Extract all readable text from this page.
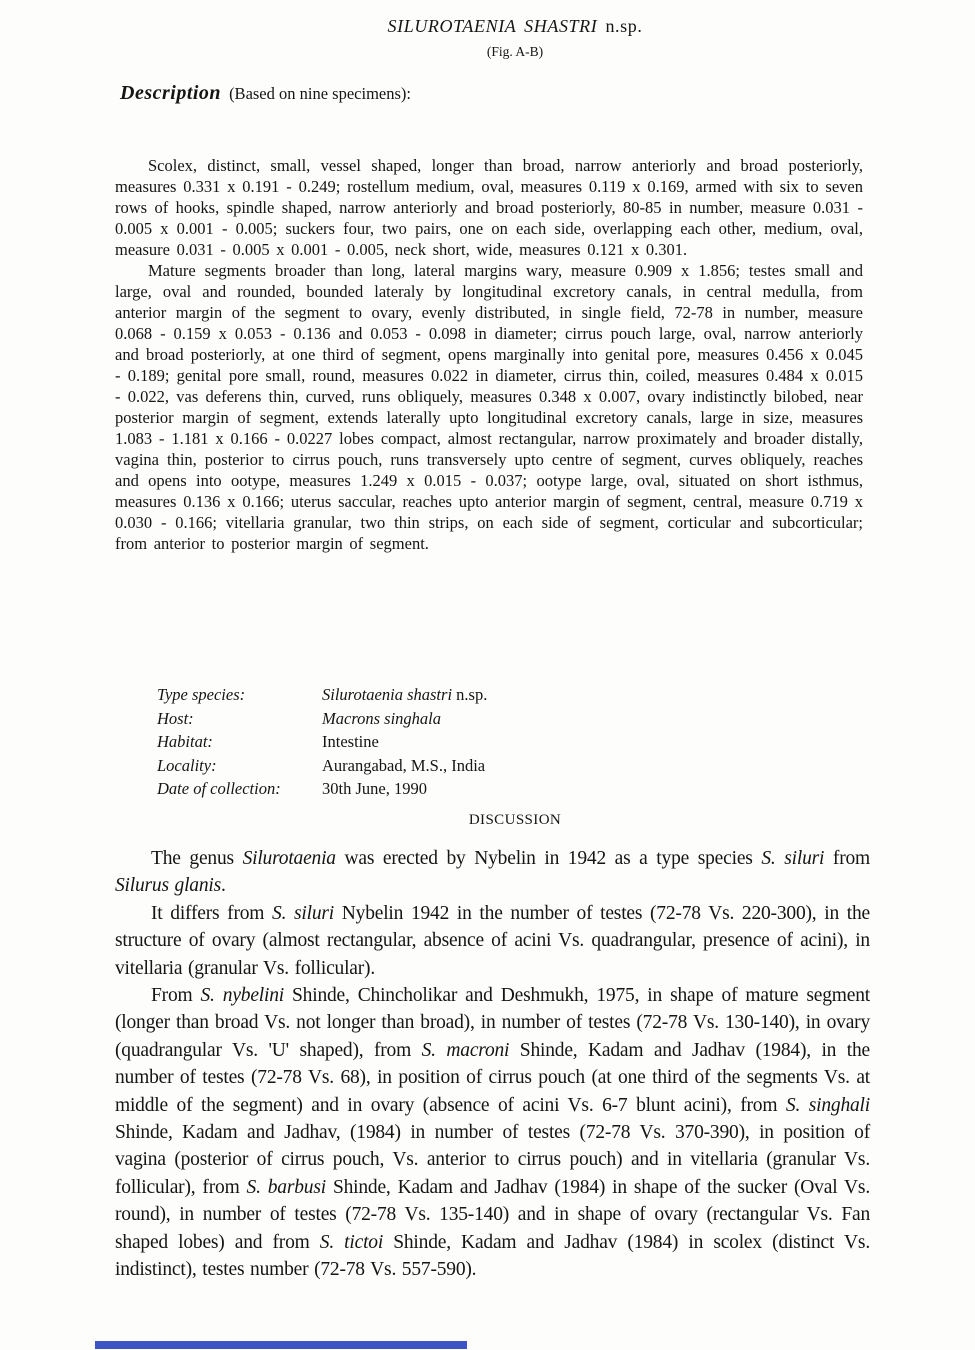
SILUROTAENIA SHASTRI n.sp.
(Fig. A-B)
Description (Based on nine specimens):

Scolex, distinct, small, vessel shaped, longer than broad, narrow anteriorly and broad posteriorly, measures 0.331 x 0.191 - 0.249; rostellum medium, oval, measures 0.119 x 0.169, armed with six to seven rows of hooks, spindle shaped, narrow anteriorly and broad posteriorly, 80-85 in number, measure 0.031 - 0.005 x 0.001 - 0.005; suckers four, two pairs, one on each side, overlapping each other, medium, oval, measure 0.031 - 0.005 x 0.001 - 0.005, neck short, wide, measures 0.121 x 0.301.

Mature segments broader than long, lateral margins wary, measure 0.909 x 1.856; testes small and large, oval and rounded, bounded lateraly by longitudinal excretory canals, in central medulla, from anterior margin of the segment to ovary, evenly distributed, in single field, 72-78 in number, measure 0.068 - 0.159 x 0.053 - 0.136 and 0.053 - 0.098 in diameter; cirrus pouch large, oval, narrow anteriorly and broad posteriorly, at one third of segment, opens marginally into genital pore, measures 0.456 x 0.045 - 0.189; genital pore small, round, measures 0.022 in diameter, cirrus thin, coiled, measures 0.484 x 0.015 - 0.022, vas deferens thin, curved, runs obliquely, measures 0.348 x 0.007, ovary indistinctly bilobed, near posterior margin of segment, extends laterally upto longitudinal excretory canals, large in size, measures 1.083 - 1.181 x 0.166 - 0.0227 lobes compact, almost rectangular, narrow proximately and broader distally, vagina thin, posterior to cirrus pouch, runs transversely upto centre of segment, curves obliquely, reaches and opens into ootype, measures 1.249 x 0.015 - 0.037; ootype large, oval, situated on short isthmus, measures 0.136 x 0.166; uterus saccular, reaches upto anterior margin of segment, central, measure 0.719 x 0.030 - 0.166; vitellaria granular, two thin strips, on each side of segment, corticular and subcorticular; from anterior to posterior margin of segment.

Type species:	Silurotaenia shastri n.sp.
Host:	Macrons singhala
Habitat:	Intestine
Locality:	Aurangabad, M.S., India
Date of collection:	30th June, 1990
DISCUSSION

The genus Silurotaenia was erected by Nybelin in 1942 as a type species S. siluri from Silurus glanis.

It differs from S. siluri Nybelin 1942 in the number of testes (72-78 Vs. 220-300), in the structure of ovary (almost rectangular, absence of acini Vs. quadrangular, presence of acini), in vitellaria (granular Vs. follicular).

From S. nybelini Shinde, Chincholikar and Deshmukh, 1975, in shape of mature segment (longer than broad Vs. not longer than broad), in number of testes (72-78 Vs. 130-140), in ovary (quadrangular Vs. 'U' shaped), from S. macroni Shinde, Kadam and Jadhav (1984), in the number of testes (72-78 Vs. 68), in position of cirrus pouch (at one third of the segments Vs. at middle of the segment) and in ovary (absence of acini Vs. 6-7 blunt acini), from S. singhali Shinde, Kadam and Jadhav, (1984) in number of testes (72-78 Vs. 370-390), in position of vagina (posterior of cirrus pouch, Vs. anterior to cirrus pouch) and in vitellaria (granular Vs. follicular), from S. barbusi Shinde, Kadam and Jadhav (1984) in shape of the sucker (Oval Vs. round), in number of testes (72-78 Vs. 135-140) and in shape of ovary (rectangular Vs. Fan shaped lobes) and from S. tictoi Shinde, Kadam and Jadhav (1984) in scolex (distinct Vs. indistinct), testes number (72-78 Vs. 557-590).
